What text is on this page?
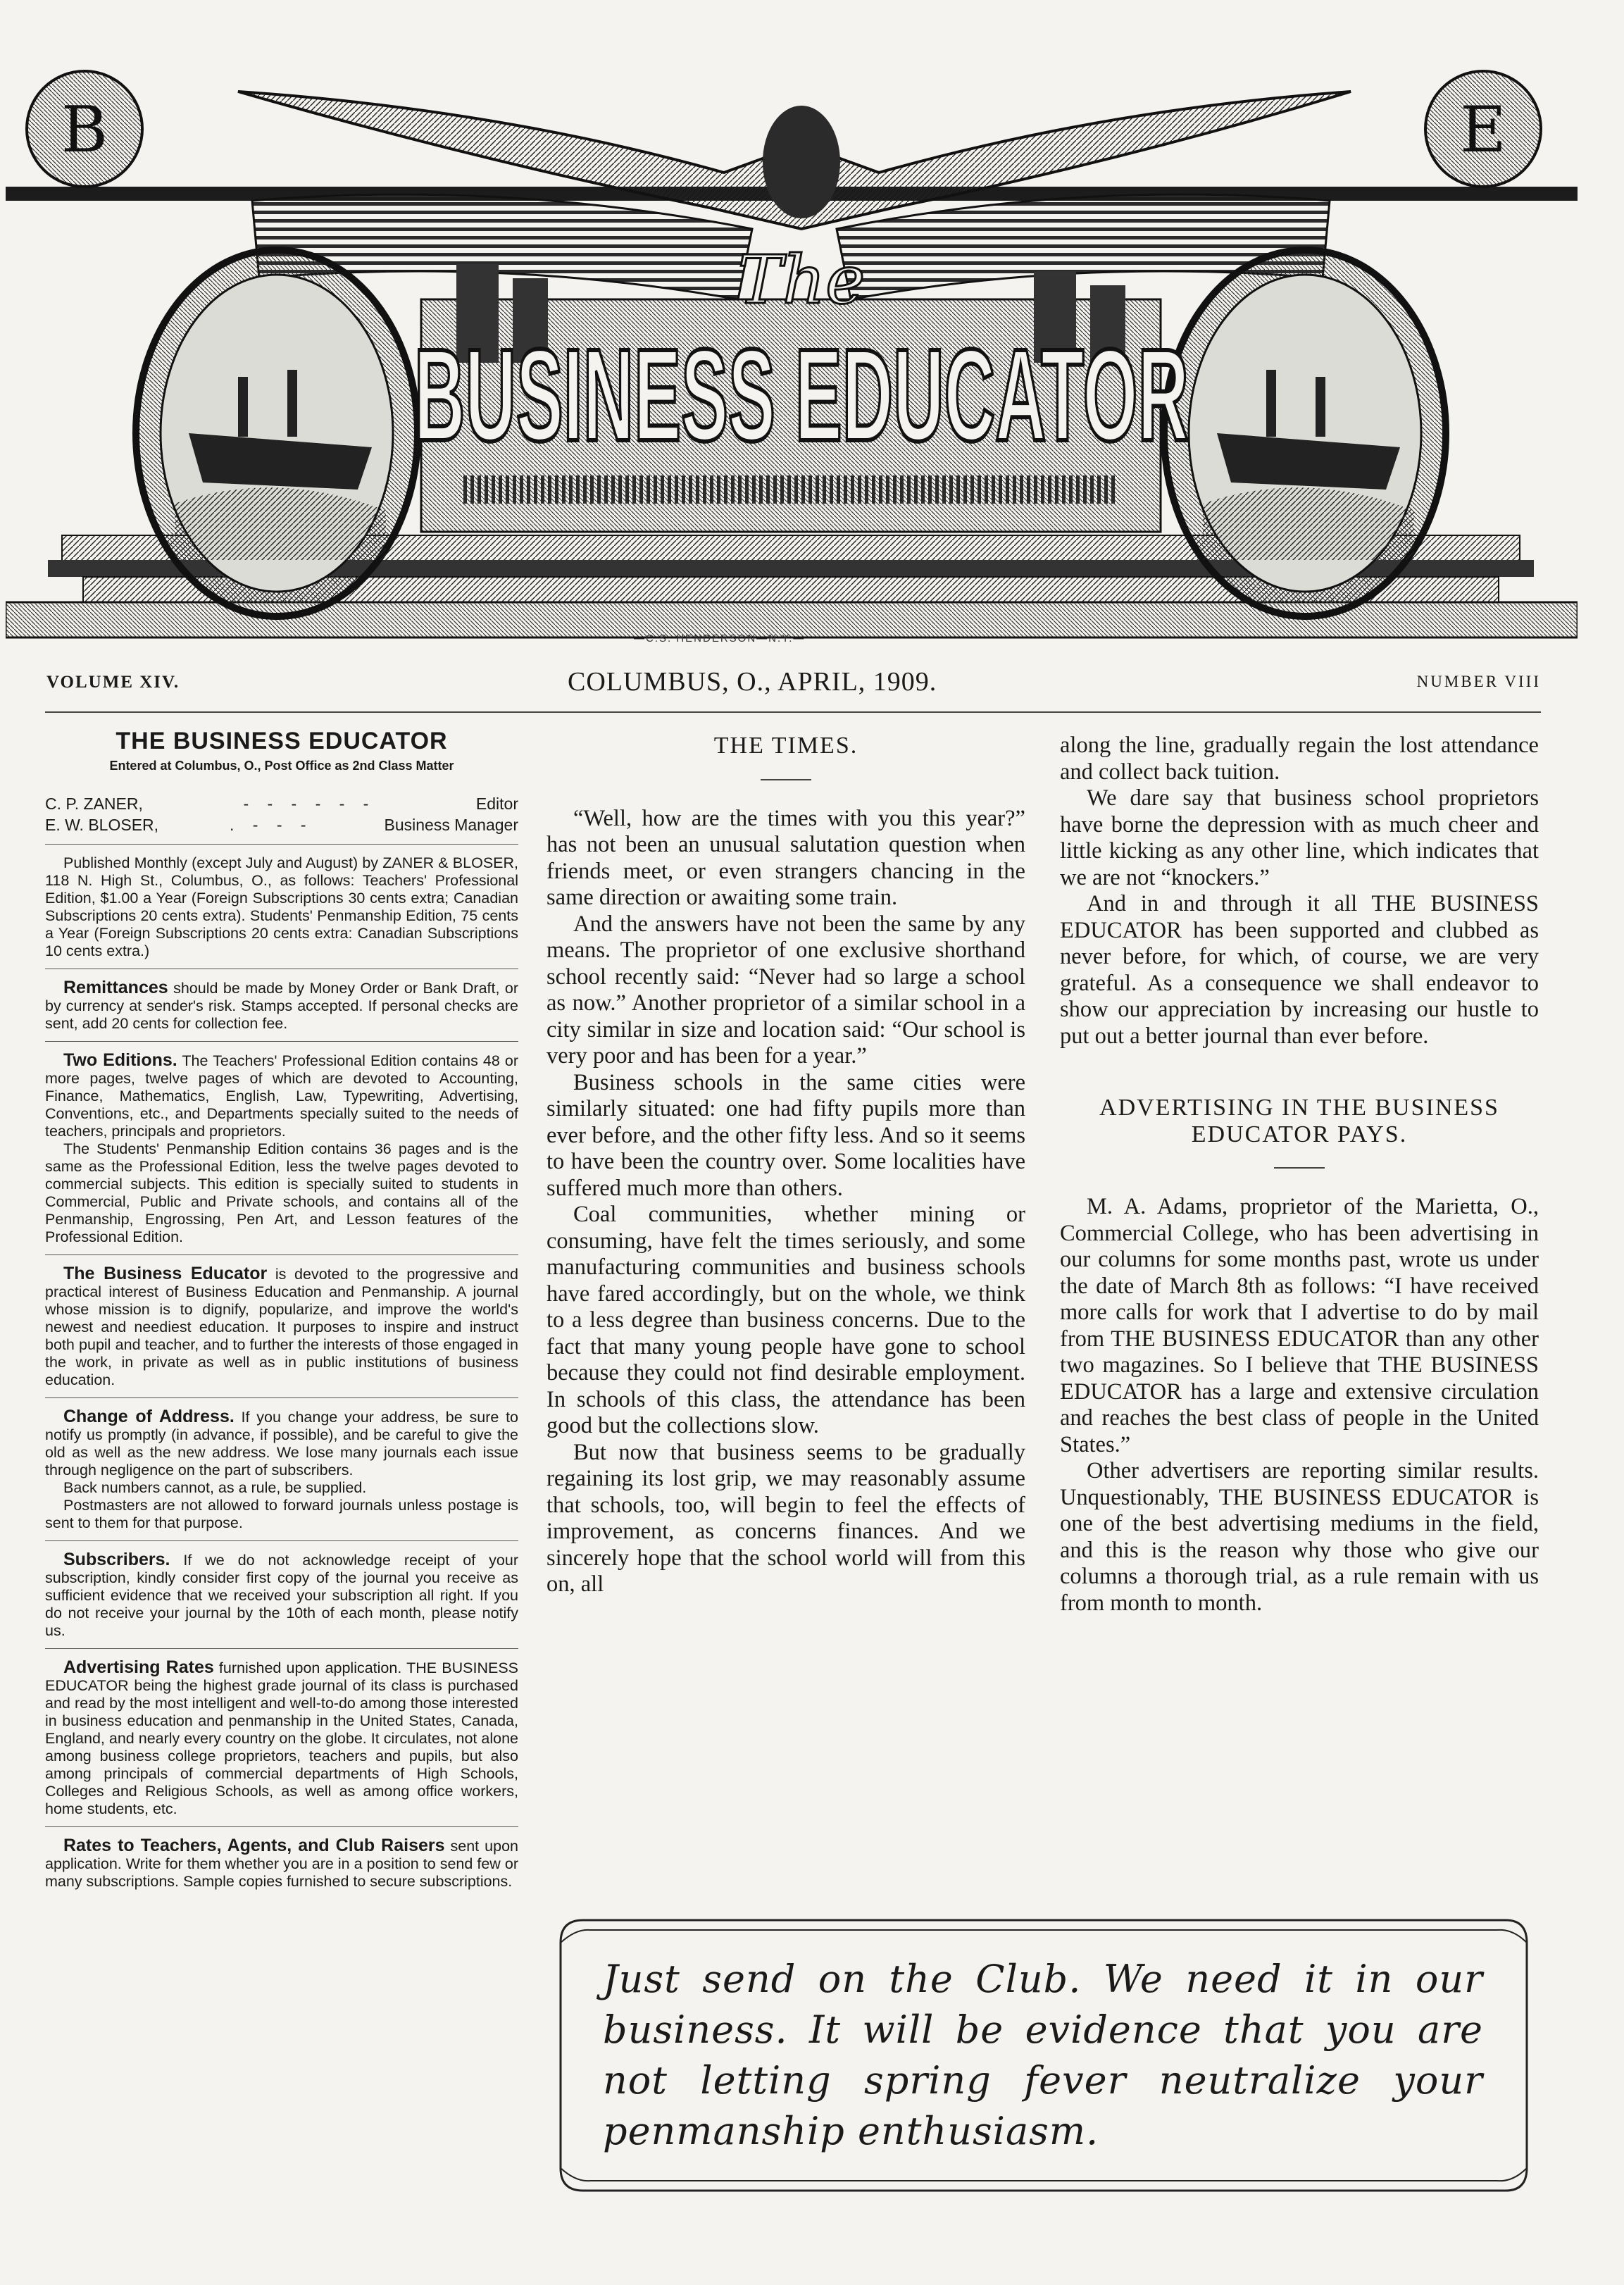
B	E
The
BUSINESS EDUCATOR
—C.S. HENDERSON—N.Y.—
VOLUME XIV.	COLUMBUS, O., APRIL, 1909.	NUMBER VIII
THE BUSINESS EDUCATOR
Entered at Columbus, O., Post Office as 2nd Class Matter
C. P. ZANER,	- - - - - -	Editor
E. W. BLOSER,	. - - -	Business Manager

Published Monthly (except July and August) by ZANER & BLOSER, 118 N. High St., Columbus, O., as follows: Teachers' Professional Edition, $1.00 a Year (Foreign Subscriptions 30 cents extra; Canadian Subscriptions 20 cents extra). Students' Penmanship Edition, 75 cents a Year (Foreign Subscriptions 20 cents extra: Canadian Subscriptions 10 cents extra.)

Remittances should be made by Money Order or Bank Draft, or by currency at sender's risk. Stamps accepted. If personal checks are sent, add 20 cents for collection fee.

Two Editions. The Teachers' Professional Edition contains 48 or more pages, twelve pages of which are devoted to Accounting, Finance, Mathematics, English, Law, Typewriting, Advertising, Conventions, etc., and Departments specially suited to the needs of teachers, principals and proprietors.

The Students' Penmanship Edition contains 36 pages and is the same as the Professional Edition, less the twelve pages devoted to commercial subjects. This edition is specially suited to students in Commercial, Public and Private schools, and contains all of the Penmanship, Engrossing, Pen Art, and Lesson features of the Professional Edition.

The Business Educator is devoted to the progressive and practical interest of Business Education and Penmanship. A journal whose mission is to dignify, popularize, and improve the world's newest and neediest education. It purposes to inspire and instruct both pupil and teacher, and to further the interests of those engaged in the work, in private as well as in public institutions of business education.

Change of Address. If you change your address, be sure to notify us promptly (in advance, if possible), and be careful to give the old as well as the new address. We lose many journals each issue through negligence on the part of subscribers.

Back numbers cannot, as a rule, be supplied.

Postmasters are not allowed to forward journals unless postage is sent to them for that purpose.

Subscribers. If we do not acknowledge receipt of your subscription, kindly consider first copy of the journal you receive as sufficient evidence that we received your subscription all right. If you do not receive your journal by the 10th of each month, please notify us.

Advertising Rates furnished upon application. THE BUSINESS EDUCATOR being the highest grade journal of its class is purchased and read by the most intelligent and well-to-do among those interested in business education and penmanship in the United States, Canada, England, and nearly every country on the globe. It circulates, not alone among business college proprietors, teachers and pupils, but also among principals of commercial departments of High Schools, Colleges and Religious Schools, as well as among office workers, home students, etc.

Rates to Teachers, Agents, and Club Raisers sent upon application. Write for them whether you are in a position to send few or many subscriptions. Sample copies furnished to secure subscriptions.

THE TIMES.

“Well, how are the times with you this year?” has not been an unusual salutation question when friends meet, or even strangers chancing in the same direction or awaiting some train.

And the answers have not been the same by any means. The proprietor of one exclusive shorthand school recently said: “Never had so large a school as now.” Another proprietor of a similar school in a city similar in size and location said: “Our school is very poor and has been for a year.”

Business schools in the same cities were similarly situated: one had fifty pupils more than ever before, and the other fifty less. And so it seems to have been the country over. Some localities have suffered much more than others.

Coal communities, whether mining or consuming, have felt the times seriously, and some manufacturing communities and business schools have fared accordingly, but on the whole, we think to a less degree than business concerns. Due to the fact that many young people have gone to school because they could not find desirable employment. In schools of this class, the attendance has been good but the collections slow.

But now that business seems to be gradually regaining its lost grip, we may reasonably assume that schools, too, will begin to feel the effects of improvement, as concerns finances. And we sincerely hope that the school world will from this on, all

along the line, gradually regain the lost attendance and collect back tuition.

We dare say that business school proprietors have borne the depression with as much cheer and little kicking as any other line, which indicates that we are not “knockers.”

And in and through it all THE BUSINESS EDUCATOR has been supported and clubbed as never before, for which, of course, we are very grateful. As a consequence we shall endeavor to show our appreciation by increasing our hustle to put out a better journal than ever before.

ADVERTISING IN THE BUSINESS
EDUCATOR PAYS.

M. A. Adams, proprietor of the Marietta, O., Commercial College, who has been advertising in our columns for some months past, wrote us under the date of March 8th as follows: “I have received more calls for work that I advertise to do by mail from THE BUSINESS EDUCATOR than any other two magazines. So I believe that THE BUSINESS EDUCATOR has a large and extensive circulation and reaches the best class of people in the United States.”

Other advertisers are reporting similar results. Unquestionably, THE BUSINESS EDUCATOR is one of the best advertising mediums in the field, and this is the reason why those who give our columns a thorough trial, as a rule remain with us from month to month.

Just send on the Club. We need it in our business. It will be evidence that you are not letting spring fever neutralize your penmanship enthusiasm.
